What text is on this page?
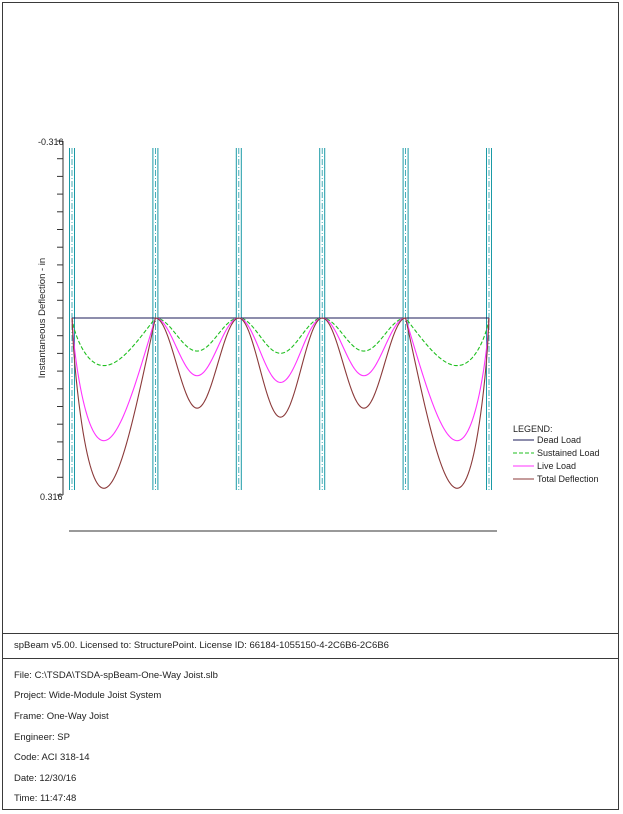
-0.316
0.316
Instantaneous Deflection - in
LEGEND:
Dead Load
Sustained Load
Live Load
Total Deflection
spBeam v5.00. Licensed to: StructurePoint. License ID: 66184-1055150-4-2C6B6-2C6B6
File: C:\TSDA\TSDA-spBeam-One-Way Joist.slb
Project: Wide-Module Joist System
Frame: One-Way Joist
Engineer: SP
Code: ACI 318-14
Date: 12/30/16
Time: 11:47:48
